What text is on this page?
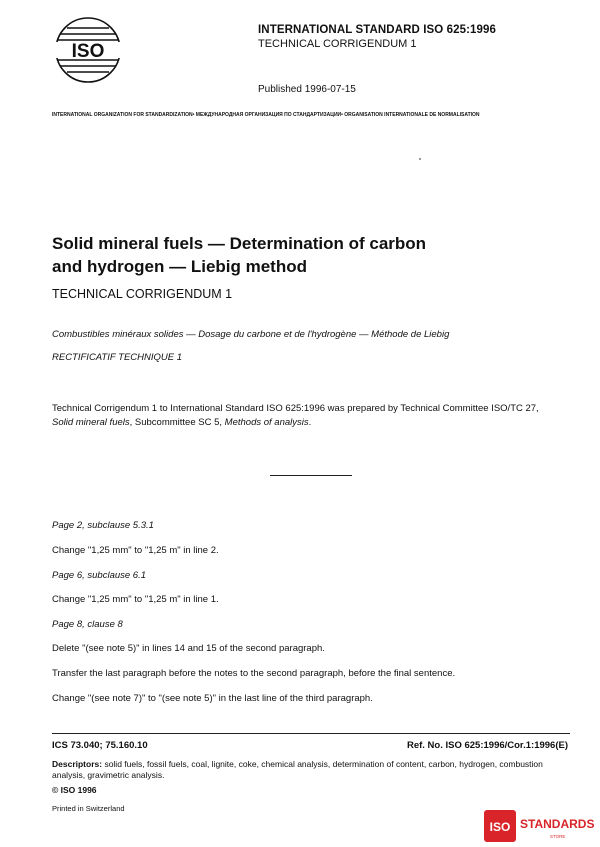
ISO
INTERNATIONAL STANDARD ISO 625:1996
TECHNICAL CORRIGENDUM 1
Published 1996-07-15
INTERNATIONAL ORGANIZATION FOR STANDARDIZATION• МЕЖДУНАРОДНАЯ ОРГАНИЗАЦИЯ ПО СТАНДАРТИЗАЦИИ• ORGANISATION INTERNATIONALE DE NORMALISATION
Solid mineral fuels — Determination of carbon
and hydrogen — Liebig method
TECHNICAL CORRIGENDUM 1
Combustibles minéraux solides — Dosage du carbone et de l'hydrogène — Méthode de Liebig
RECTIFICATIF TECHNIQUE 1
Technical Corrigendum 1 to International Standard ISO 625:1996 was prepared by Technical Committee ISO/TC 27,
Solid mineral fuels, Subcommittee SC 5, Methods of analysis.
Page 2, subclause 5.3.1
Change "1,25 mm" to "1,25 m" in line 2.
Page 6, subclause 6.1
Change "1,25 mm" to "1,25 m" in line 1.
Page 8, clause 8
Delete "(see note 5)" in lines 14 and 15 of the second paragraph.
Transfer the last paragraph before the notes to the second paragraph, before the final sentence.
Change "(see note 7)" to "(see note 5)" in the last line of the third paragraph.
ICS 73.040; 75.160.10	Ref. No. ISO 625:1996/Cor.1:1996(E)
Descriptors: solid fuels, fossil fuels, coal, lignite, coke, chemical analysis, determination of content, carbon, hydrogen, combustion analysis, gravimetric analysis.
© ISO 1996
Printed in Switzerland
ISO STANDARDS
STORE
